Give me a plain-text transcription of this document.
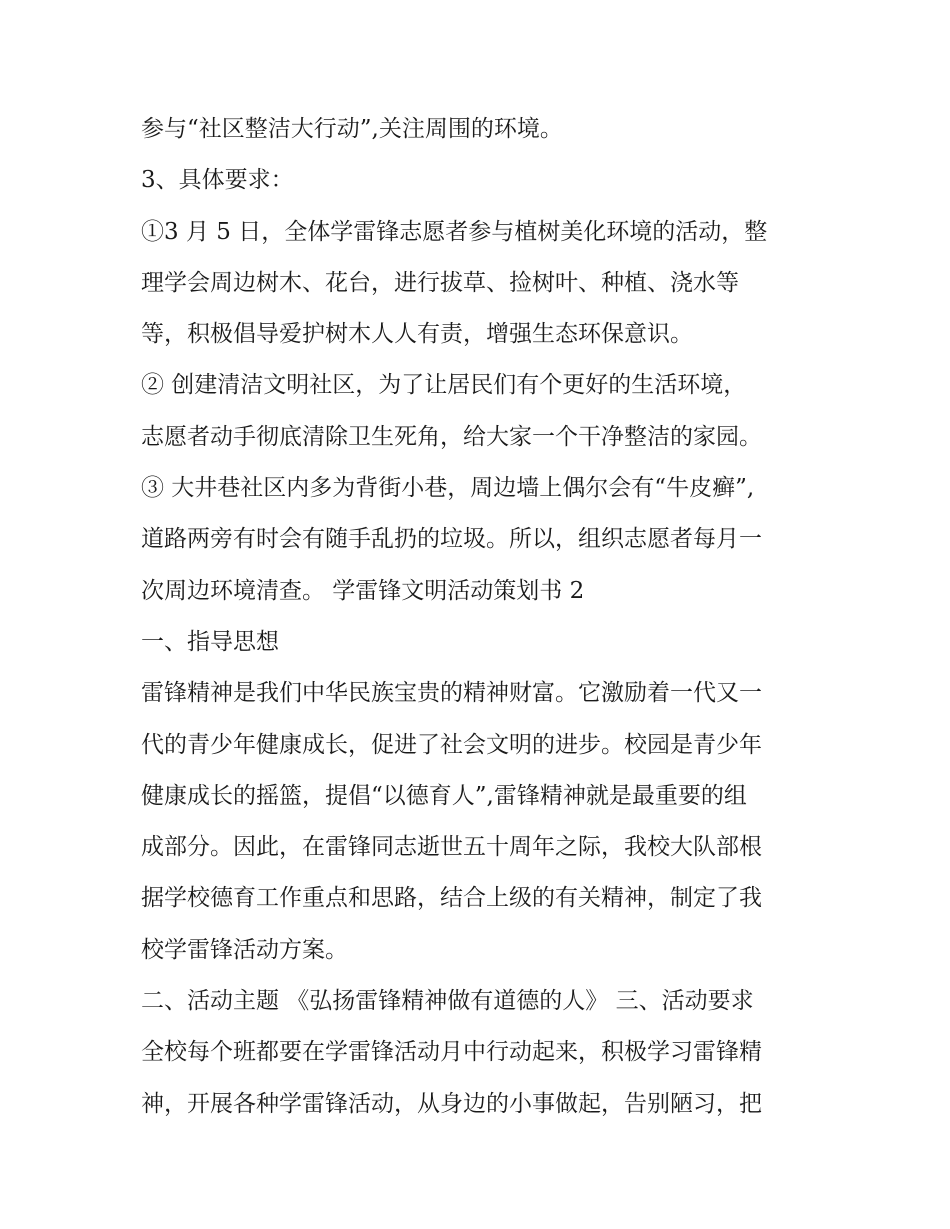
参与“社区整洁大行动”,关注周围的环境。
3、具体要求：
①3 月 5 日，全体学雷锋志愿者参与植树美化环境的活动，整
理学会周边树木、花台，进行拔草、捡树叶、种植、浇水等
等，积极倡导爱护树木人人有责，增强生态环保意识。
② 创建清洁文明社区，为了让居民们有个更好的生活环境，
志愿者动手彻底清除卫生死角，给大家一个干净整洁的家园。
③ 大井巷社区内多为背街小巷，周边墙上偶尔会有“牛皮癣”,
道路两旁有时会有随手乱扔的垃圾。所以，组织志愿者每月一
次周边环境清查。 学雷锋文明活动策划书 2
一、指导思想
雷锋精神是我们中华民族宝贵的精神财富。它激励着一代又一
代的青少年健康成长，促进了社会文明的进步。校园是青少年
健康成长的摇篮，提倡“以德育人”,雷锋精神就是最重要的组
成部分。因此，在雷锋同志逝世五十周年之际，我校大队部根
据学校德育工作重点和思路，结合上级的有关精神，制定了我
校学雷锋活动方案。
二、活动主题 《弘扬雷锋精神做有道德的人》 三、活动要求
全校每个班都要在学雷锋活动月中行动起来，积极学习雷锋精
神，开展各种学雷锋活动，从身边的小事做起，告别陋习，把
